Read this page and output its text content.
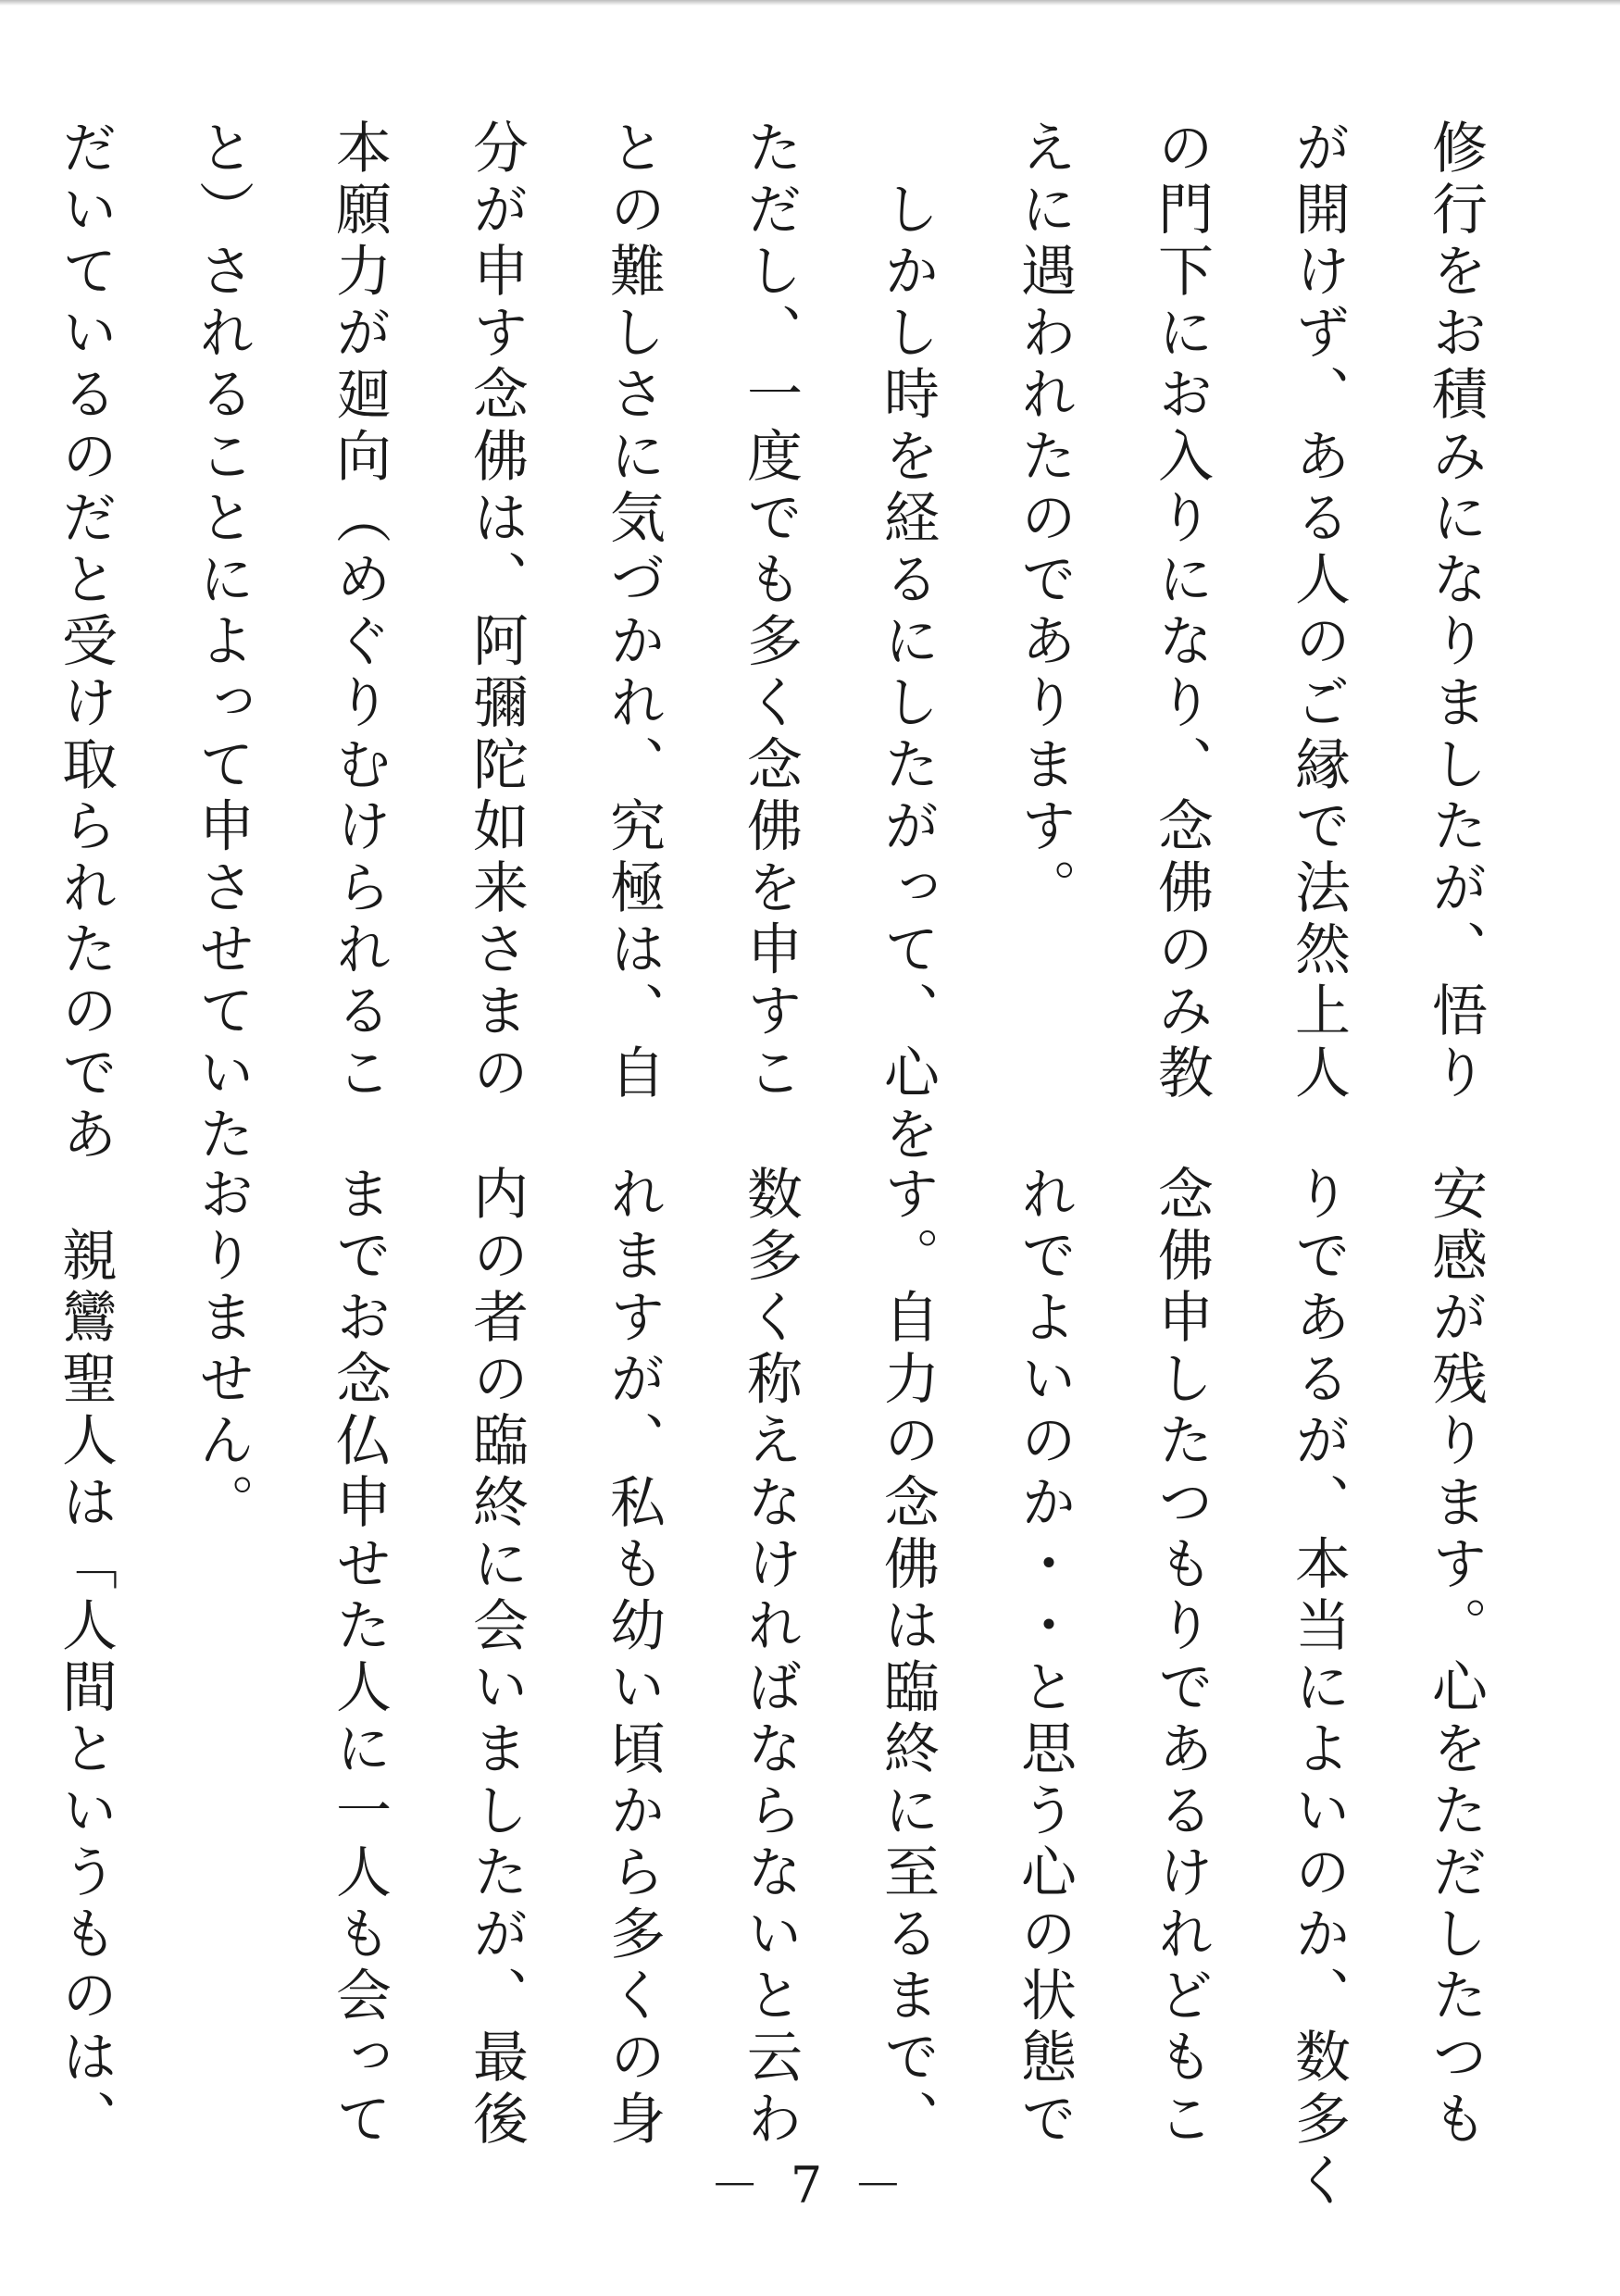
修行をお積みになりましたが、悟り
が開けず、ある人のご縁で法然上人
の門下にお入りになり、念佛のみ教
えに遇われたのであります。
　しかし時を経るにしたがって、心を
ただし、一度でも多く念佛を申すこ
との難しさに気づかれ、究極は、自
分が申す念佛は、阿彌陀如来さまの
本願力が廻向（めぐりむけられるこ
と）されることによって申させていた
だいているのだと受け取られたのであ
安感が残ります。心をただしたつも
りであるが、本当によいのか、数多く
念佛申したつもりであるけれどもこ
れでよいのか・・と思う心の状態で
す。自力の念佛は臨終に至るまで、
数多く称えなければならないと云わ
れますが、私も幼い頃から多くの身
内の者の臨終に会いましたが、最後
までお念仏申せた人に一人も会って
おりません。
　親鸞聖人は「人間というものは、
－ 7 －
